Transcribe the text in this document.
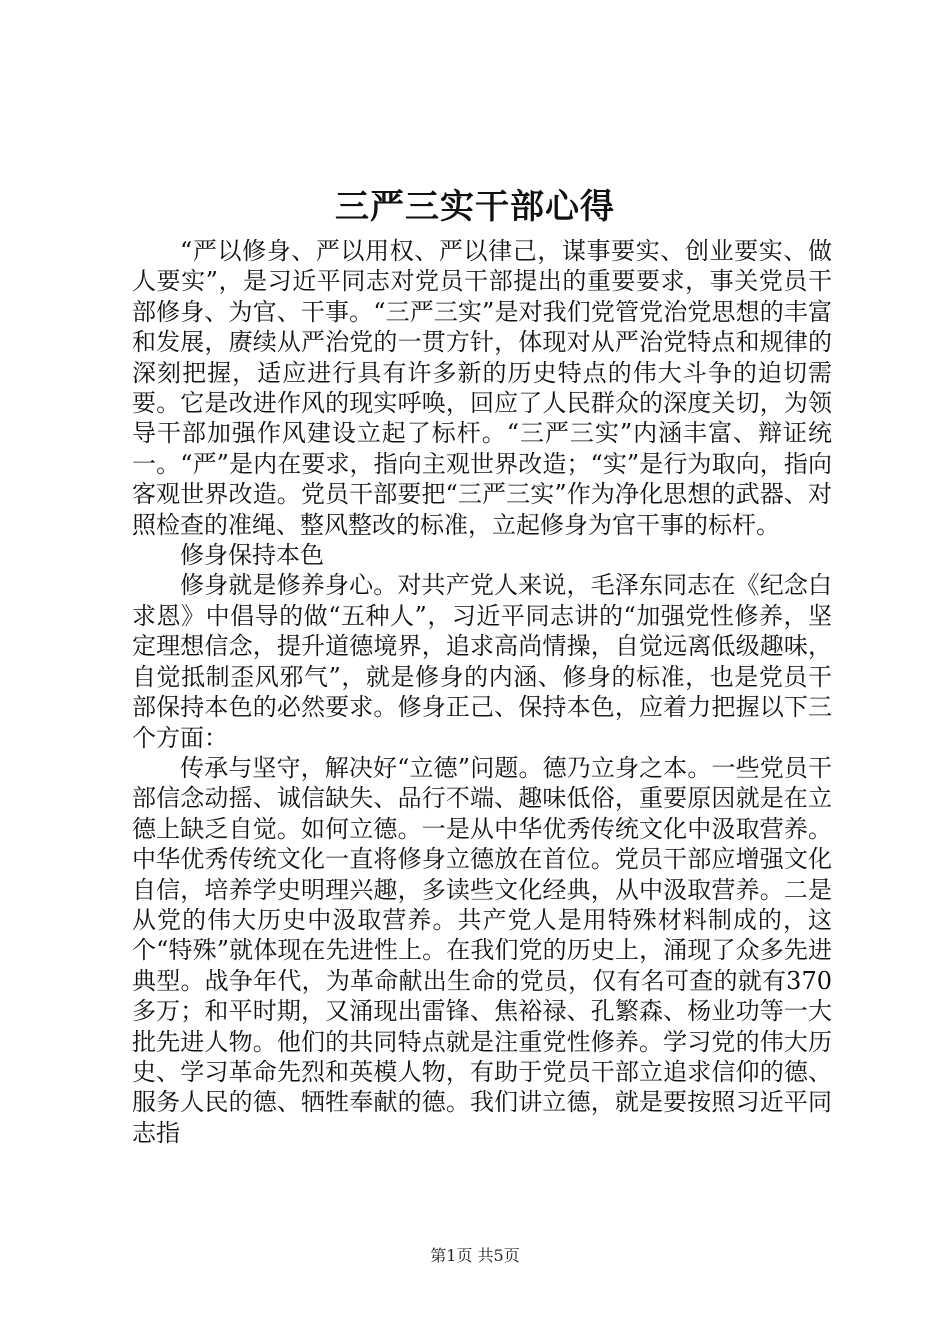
三严三实干部心得

“严以修身、严以用权、严以律己，谋事要实、创业要实、做人要实”，是习近平同志对党员干部提出的重要要求，事关党员干部修身、为官、干事。“三严三实”是对我们党管党治党思想的丰富和发展，赓续从严治党的一贯方针，体现对从严治党特点和规律的深刻把握，适应进行具有许多新的历史特点的伟大斗争的迫切需要。它是改进作风的现实呼唤，回应了人民群众的深度关切，为领导干部加强作风建设立起了标杆。“三严三实”内涵丰富、辩证统一。“严”是内在要求，指向主观世界改造；“实”是行为取向，指向客观世界改造。党员干部要把“三严三实”作为净化思想的武器、对照检查的准绳、整风整改的标准，立起修身为官干事的标杆。

修身保持本色

修身就是修养身心。对共产党人来说，毛泽东同志在《纪念白求恩》中倡导的做“五种人”，习近平同志讲的“加强党性修养，坚定理想信念，提升道德境界，追求高尚情操，自觉远离低级趣味，自觉抵制歪风邪气”，就是修身的内涵、修身的标准，也是党员干部保持本色的必然要求。修身正己、保持本色，应着力把握以下三个方面：

传承与坚守，解决好“立德”问题。德乃立身之本。一些党员干部信念动摇、诚信缺失、品行不端、趣味低俗，重要原因就是在立德上缺乏自觉。如何立德。一是从中华优秀传统文化中汲取营养。中华优秀传统文化一直将修身立德放在首位。党员干部应增强文化自信，培养学史明理兴趣，多读些文化经典，从中汲取营养。二是从党的伟大历史中汲取营养。共产党人是用特殊材料制成的，这个“特殊”就体现在先进性上。在我们党的历史上，涌现了众多先进典型。战争年代，为革命献出生命的党员，仅有名可查的就有370多万；和平时期，又涌现出雷锋、焦裕禄、孔繁森、杨业功等一大批先进人物。他们的共同特点就是注重党性修养。学习党的伟大历史、学习革命先烈和英模人物，有助于党员干部立追求信仰的德、服务人民的德、牺牲奉献的德。我们讲立德，就是要按照习近平同志指

第1页 共5页
